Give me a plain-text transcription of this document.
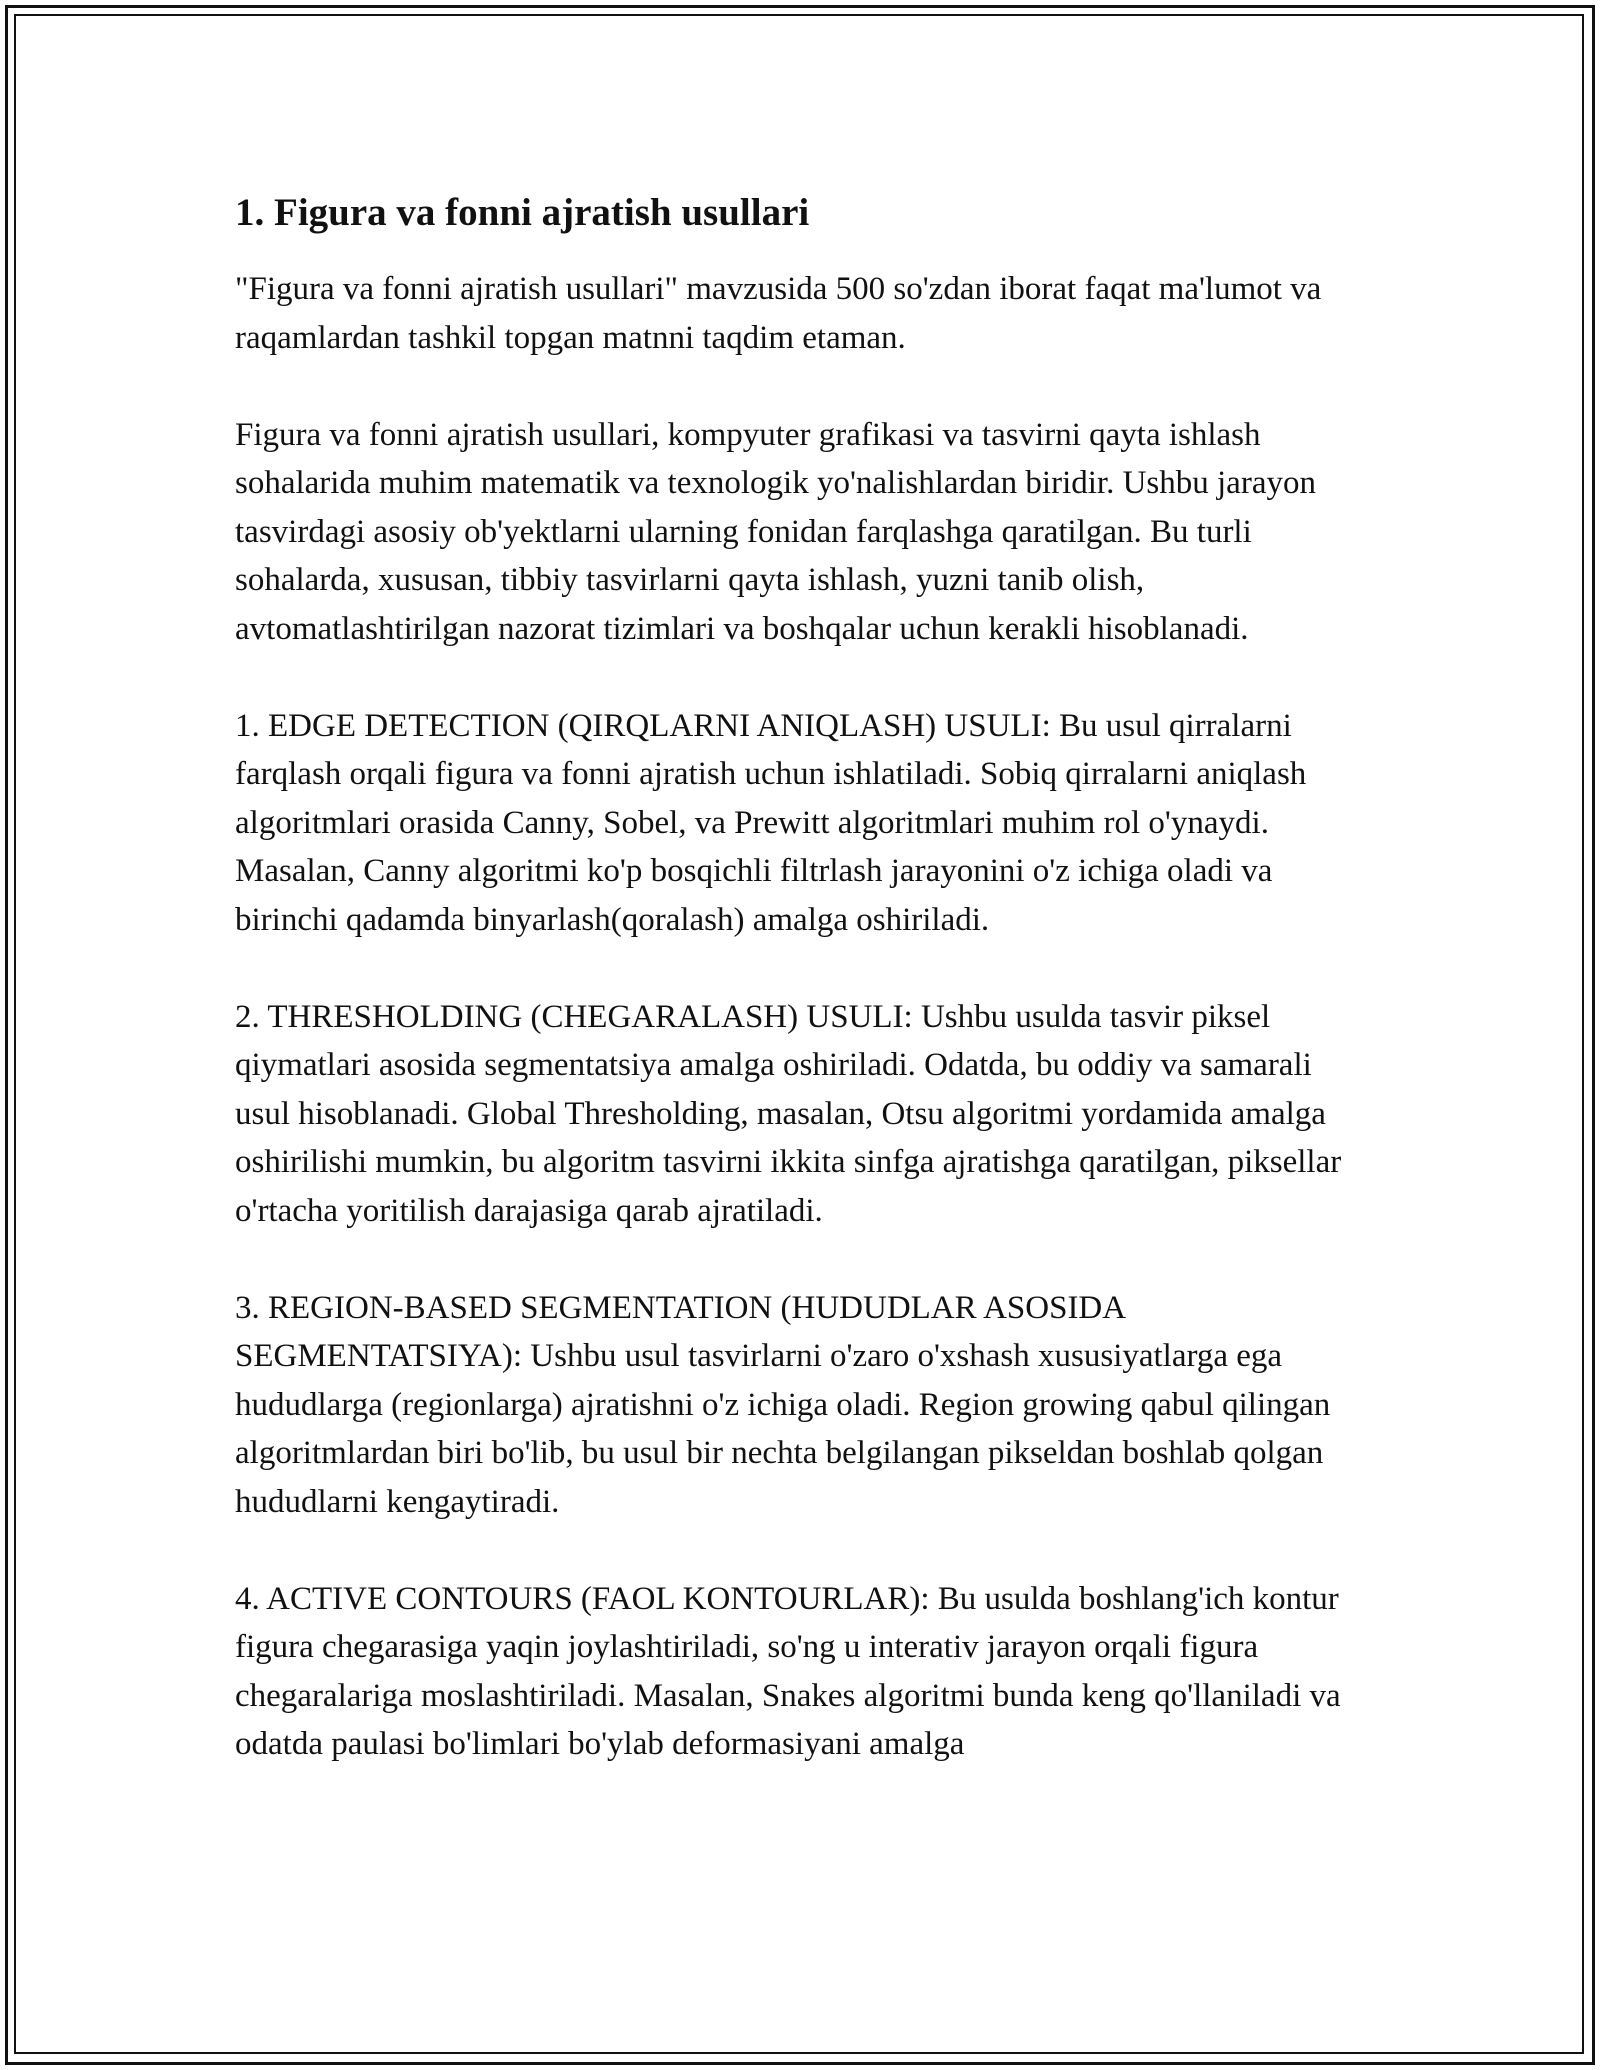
1. Figura va fonni ajratish usullari

"Figura va fonni ajratish usullari" mavzusida 500 so'zdan iborat faqat ma'lumot va raqamlardan tashkil topgan matnni taqdim etaman.

Figura va fonni ajratish usullari, kompyuter grafikasi va tasvirni qayta ishlash sohalarida muhim matematik va texnologik yo'nalishlardan biridir. Ushbu jarayon tasvirdagi asosiy ob'yektlarni ularning fonidan farqlashga qaratilgan. Bu turli sohalarda, xususan, tibbiy tasvirlarni qayta ishlash, yuzni tanib olish, avtomatlashtirilgan nazorat tizimlari va boshqalar uchun kerakli hisoblanadi.

1. EDGE DETECTION (QIRQLARNI ANIQLASH) USULI: Bu usul qirralarni farqlash orqali figura va fonni ajratish uchun ishlatiladi. Sobiq qirralarni aniqlash algoritmlari orasida Canny, Sobel, va Prewitt algoritmlari muhim rol o'ynaydi. Masalan, Canny algoritmi ko'p bosqichli filtrlash jarayonini o'z ichiga oladi va birinchi qadamda binyarlash(qoralash) amalga oshiriladi.

2. THRESHOLDING (CHEGARALASH) USULI: Ushbu usulda tasvir piksel qiymatlari asosida segmentatsiya amalga oshiriladi. Odatda, bu oddiy va samarali usul hisoblanadi. Global Thresholding, masalan, Otsu algoritmi yordamida amalga oshirilishi mumkin, bu algoritm tasvirni ikkita sinfga ajratishga qaratilgan, piksellar o'rtacha yoritilish darajasiga qarab ajratiladi.

3. REGION-BASED SEGMENTATION (HUDUDLAR ASOSIDA SEGMENTATSIYA): Ushbu usul tasvirlarni o'zaro o'xshash xususiyatlarga ega hududlarga (regionlarga) ajratishni o'z ichiga oladi. Region growing qabul qilingan algoritmlardan biri bo'lib, bu usul bir nechta belgilangan pikseldan boshlab qolgan hududlarni kengaytiradi.

4. ACTIVE CONTOURS (FAOL KONTOURLAR): Bu usulda boshlang'ich kontur figura chegarasiga yaqin joylashtiriladi, so'ng u interativ jarayon orqali figura chegaralariga moslashtiriladi. Masalan, Snakes algoritmi bunda keng qo'llaniladi va odatda paulasi bo'limlari bo'ylab deformasiyani amalga
